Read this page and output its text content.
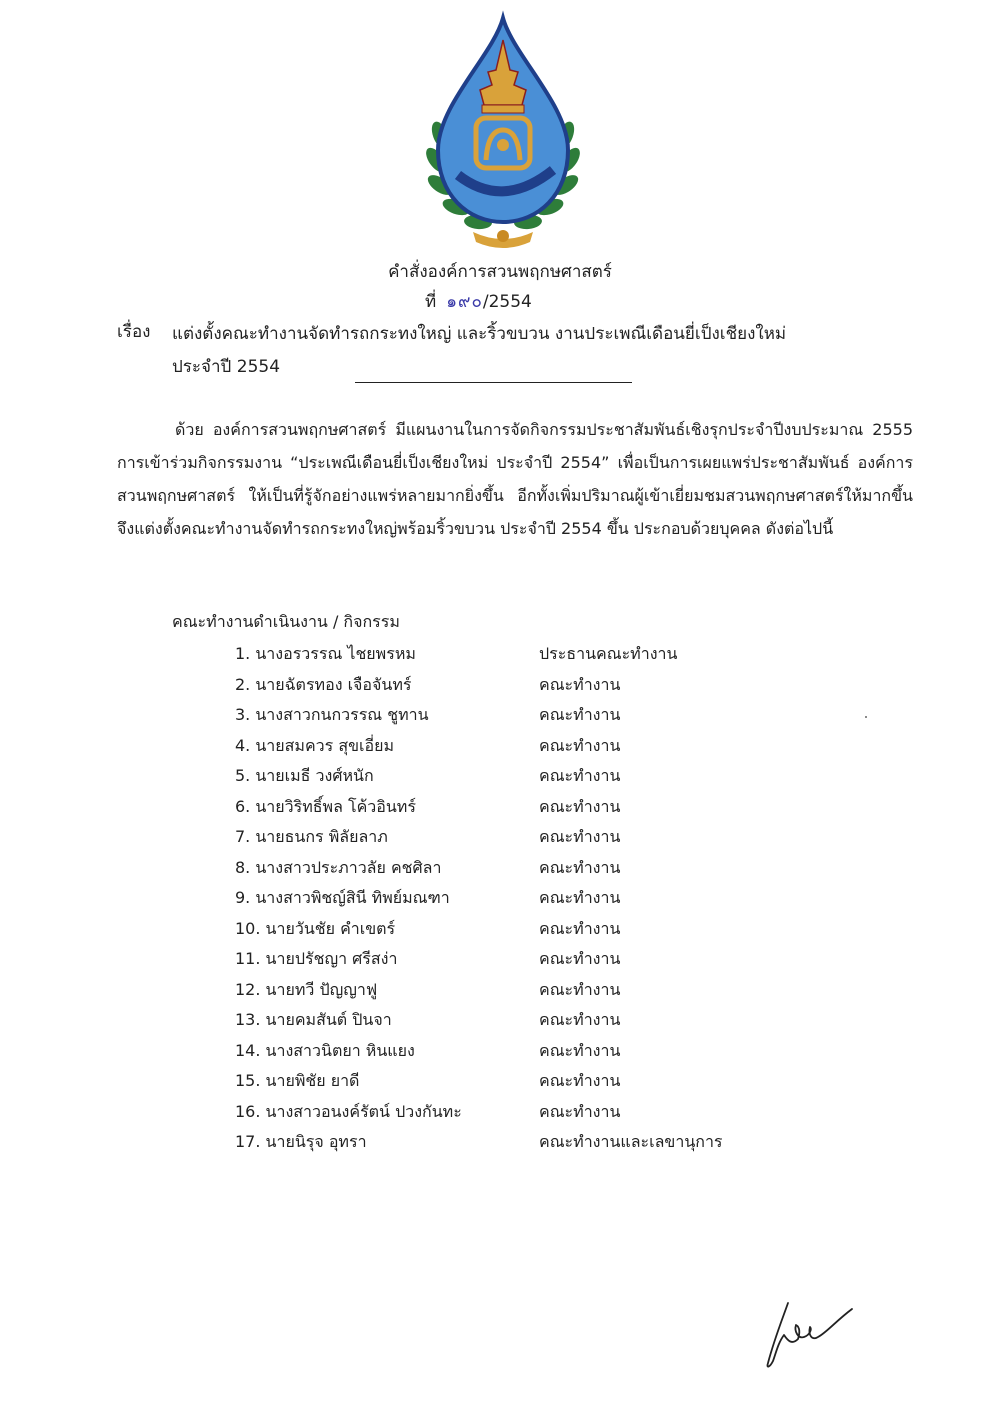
คำสั่งองค์การสวนพฤกษศาสตร์
ที่ ๑๙๐/2554
เรื่อง แต่งตั้งคณะทำงานจัดทำรถกระทงใหญ่ และริ้วขบวน งานประเพณีเดือนยี่เป็งเชียงใหม่
ประจำปี 2554
ด้วย องค์การสวนพฤกษศาสตร์ มีแผนงานในการจัดกิจกรรมประชาสัมพันธ์เชิงรุกประจำปีงบประมาณ 2555 การเข้าร่วมกิจกรรมงาน “ประเพณีเดือนยี่เป็งเชียงใหม่ ประจำปี 2554” เพื่อเป็นการเผยแพร่ประชาสัมพันธ์ องค์การสวนพฤกษศาสตร์ ให้เป็นที่รู้จักอย่างแพร่หลายมากยิ่งขึ้น อีกทั้งเพิ่มปริมาณผู้เข้าเยี่ยมชมสวนพฤกษศาสตร์ให้มากขึ้น จึงแต่งตั้งคณะทำงานจัดทำรถกระทงใหญ่พร้อมริ้วขบวน ประจำปี 2554 ขึ้น ประกอบด้วยบุคคล ดังต่อไปนี้
คณะทำงานดำเนินงาน / กิจกรรม
1. นางอรวรรณ ไชยพรหม	ประธานคณะทำงาน
2. นายฉัตรทอง เจือจันทร์	คณะทำงาน
3. นางสาวกนกวรรณ ชูทาน	คณะทำงาน
4. นายสมควร สุขเอี่ยม	คณะทำงาน
5. นายเมธี วงศ์หนัก	คณะทำงาน
6. นายวิริทธิ์พล โค้วอินทร์	คณะทำงาน
7. นายธนกร พิลัยลาภ	คณะทำงาน
8. นางสาวประภาวลัย คชศิลา	คณะทำงาน
9. นางสาวพิชญ์สินี ทิพย์มณฑา	คณะทำงาน
10. นายวันชัย คำเขตร์	คณะทำงาน
11. นายปรัชญา ศรีสง่า	คณะทำงาน
12. นายทวี ปัญญาฟู	คณะทำงาน
13. นายคมสันต์ ปินจา	คณะทำงาน
14. นางสาวนิตยา หินแยง	คณะทำงาน
15. นายพิชัย ยาดี	คณะทำงาน
16. นางสาวอนงค์รัตน์ ปวงกันทะ	คณะทำงาน
17. นายนิรุจ อุทรา	คณะทำงานและเลขานุการ
